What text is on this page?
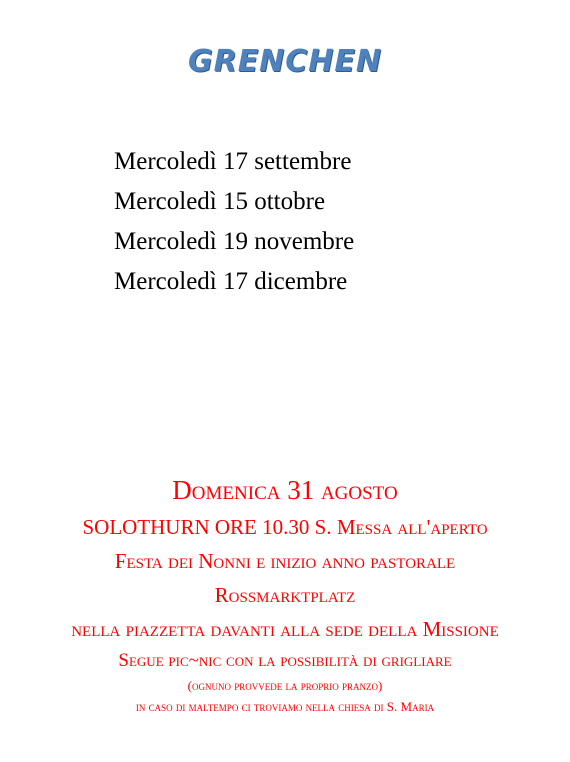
GRENCHEN
Mercoledì 17 settembre
Mercoledì 15 ottobre
Mercoledì 19 novembre
Mercoledì 17 dicembre
Domenica 31 agosto
SOLOTHURN ORE 10.30 S. Messa all'aperto
Festa dei Nonni e inizio anno pastorale
Rossmarktplatz
nella piazzetta davanti alla sede della Missione
Segue pic~nic con la possibilità di grigliare
(ognuno provvede la proprio pranzo)
in caso di maltempo ci troviamo nella chiesa di S. Maria
